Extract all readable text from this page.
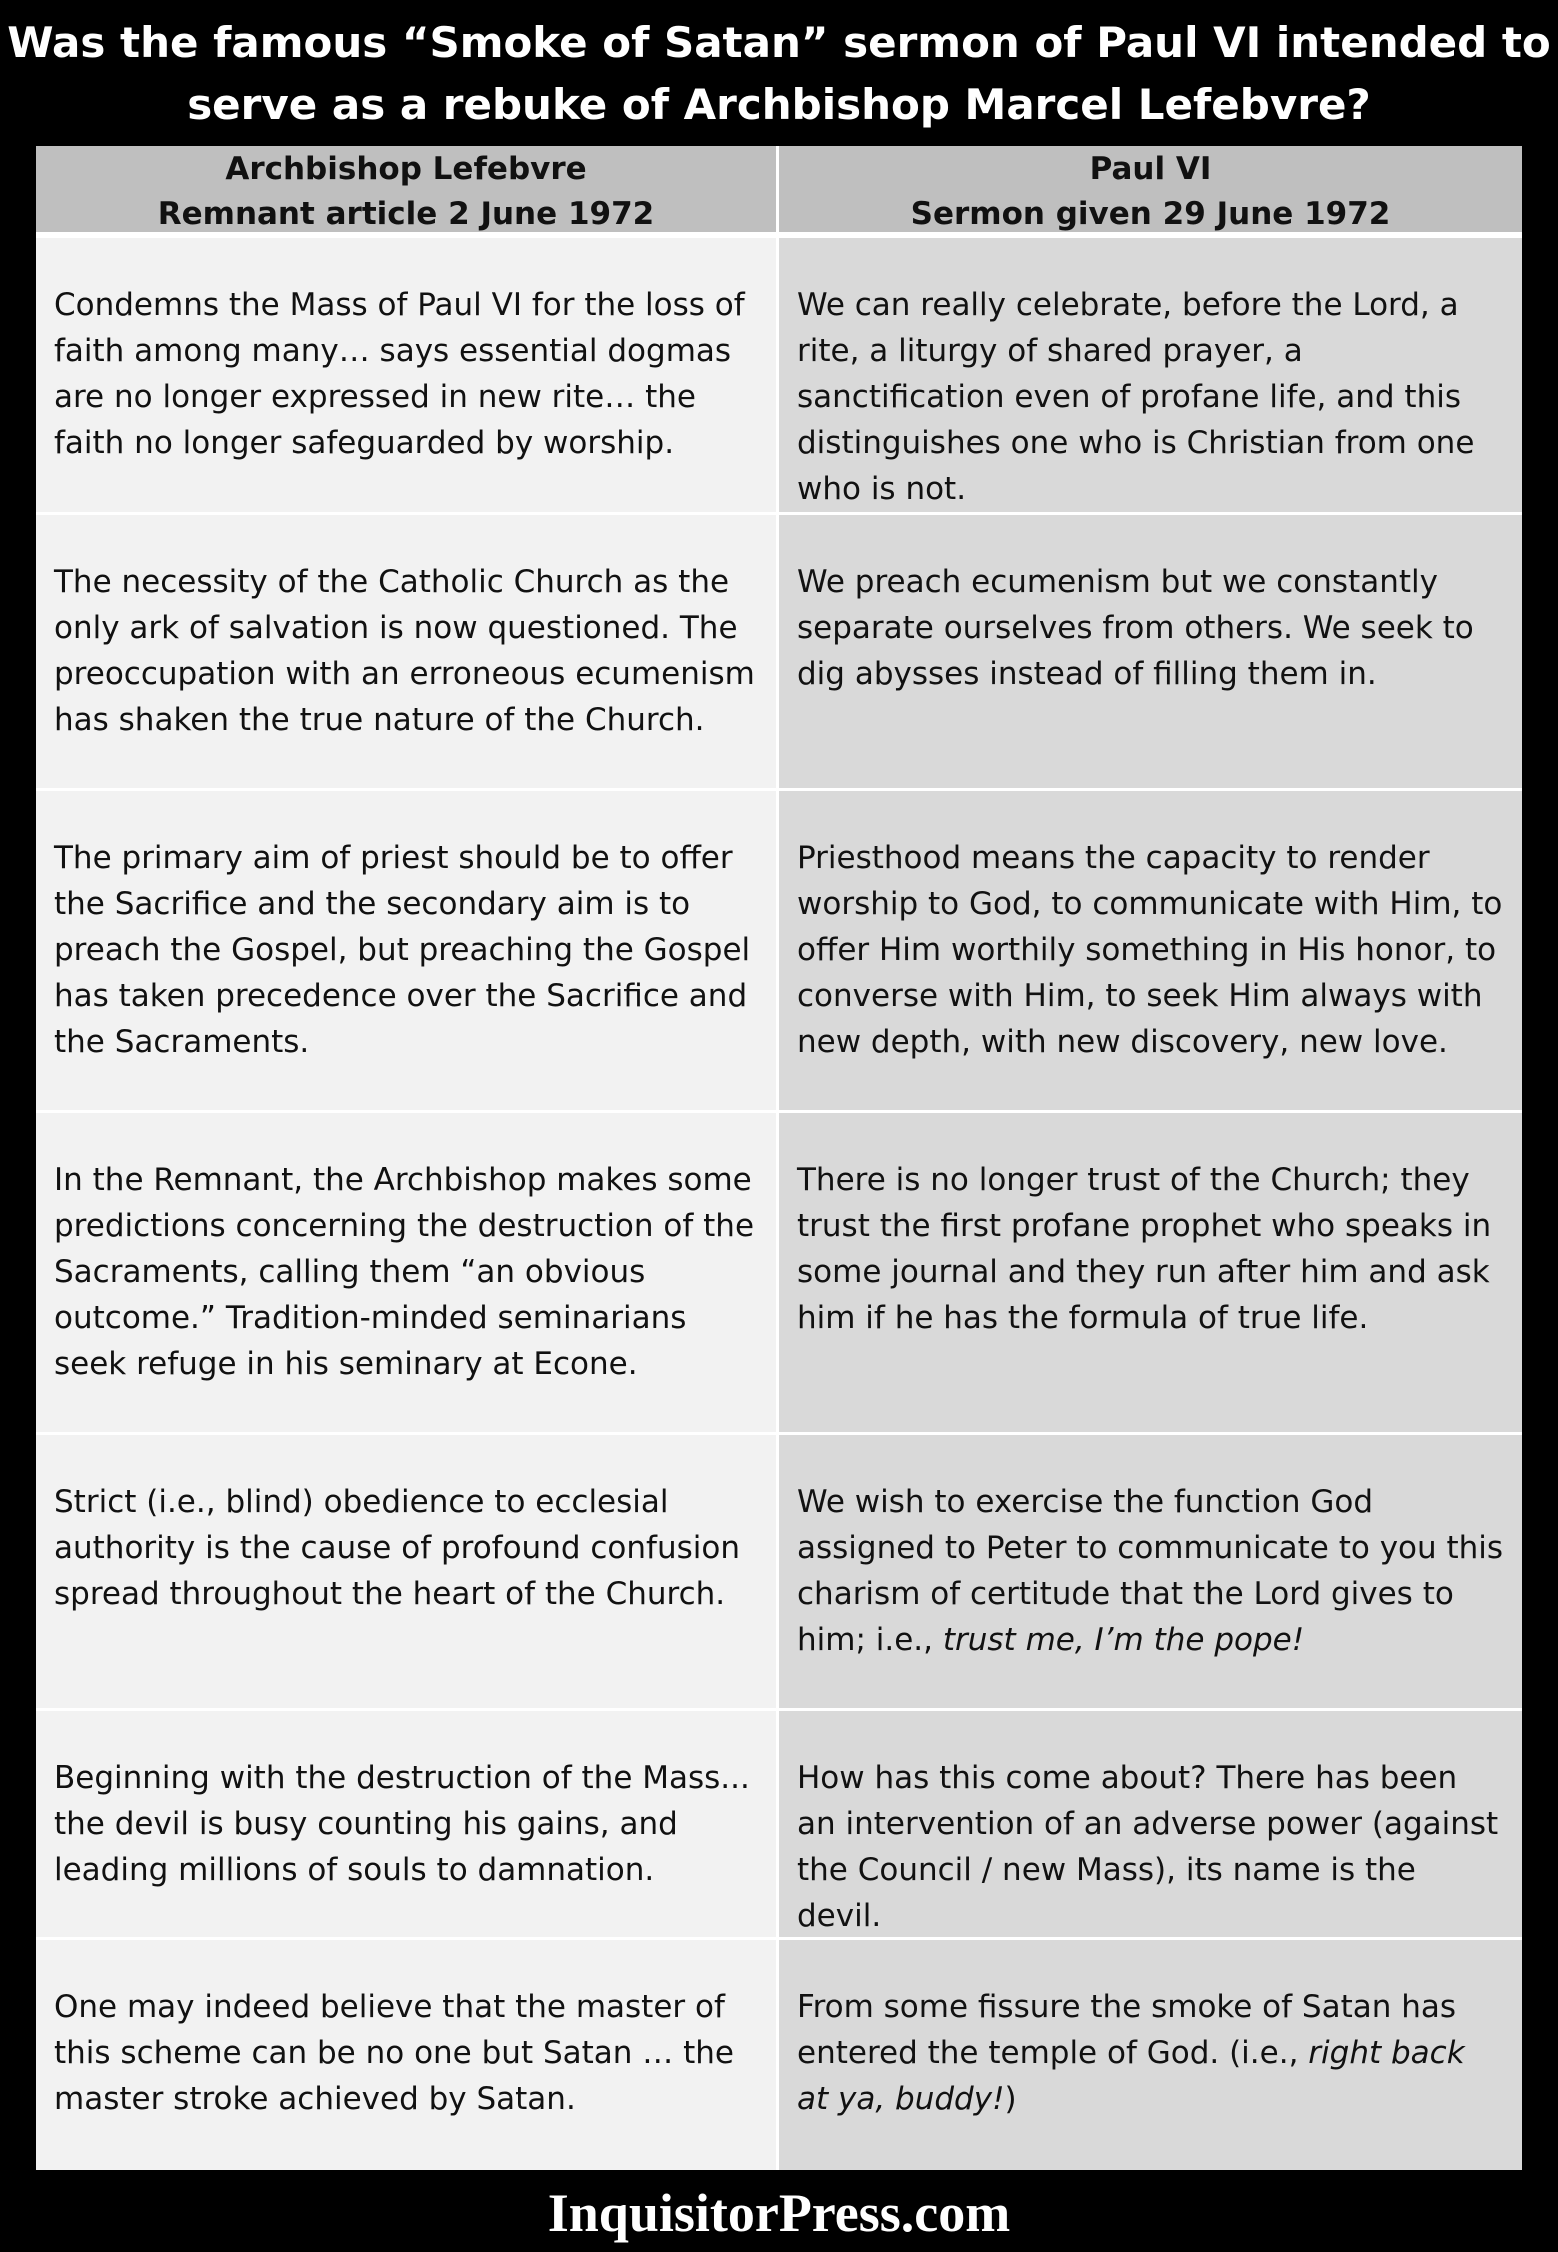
Was the famous “Smoke of Satan” sermon of Paul VI intended to
serve as a rebuke of Archbishop Marcel Lefebvre?
Archbishop Lefebvre
Remnant article 2 June 1972
Paul VI
Sermon given 29 June 1972
Condemns the Mass of Paul VI for the loss of faith among many… says essential dogmas are no longer expressed in new rite… the faith no longer safeguarded by worship.
We can really celebrate, before the Lord, a rite, a liturgy of shared prayer, a sanctification even of profane life, and this distinguishes one who is Christian from one who is not.
The necessity of the Catholic Church as the only ark of salvation is now questioned. The preoccupation with an erroneous ecumenism has shaken the true nature of the Church.
We preach ecumenism but we constantly separate ourselves from others. We seek to dig abysses instead of filling them in.
The primary aim of priest should be to offer the Sacrifice and the secondary aim is to preach the Gospel, but preaching the Gospel has taken precedence over the Sacrifice and the Sacraments.
Priesthood means the capacity to render worship to God, to communicate with Him, to offer Him worthily something in His honor, to converse with Him, to seek Him always with new depth, with new discovery, new love.
In the Remnant, the Archbishop makes some predictions concerning the destruction of the Sacraments, calling them “an obvious outcome.” Tradition-minded seminarians seek refuge in his seminary at Econe.
There is no longer trust of the Church; they trust the first profane prophet who speaks in some journal and they run after him and ask him if he has the formula of true life.
Strict (i.e., blind) obedience to ecclesial authority is the cause of profound confusion spread throughout the heart of the Church.
We wish to exercise the function God assigned to Peter to communicate to you this charism of certitude that the Lord gives to him; i.e., trust me, I’m the pope!
Beginning with the destruction of the Mass... the devil is busy counting his gains, and leading millions of souls to damnation.
How has this come about? There has been an intervention of an adverse power (against the Council / new Mass), its name is the devil.
One may indeed believe that the master of this scheme can be no one but Satan … the master stroke achieved by Satan.
From some fissure the smoke of Satan has entered the temple of God. (i.e., right back at ya, buddy!)
InquisitorPress.com
